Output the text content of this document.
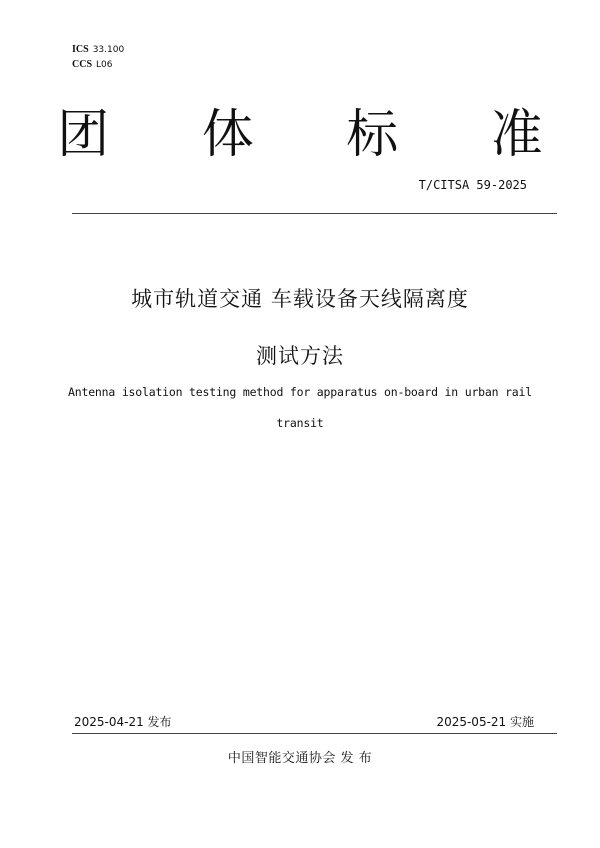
ICS 33.100
CCS L06
团 体 标 准
T/CITSA 59-2025
城市轨道交通 车载设备天线隔离度
测试方法
Antenna isolation testing method for apparatus on-board in urban rail
transit
2025-04-21 发布	2025-05-21 实施
中国智能交通协会 发 布
